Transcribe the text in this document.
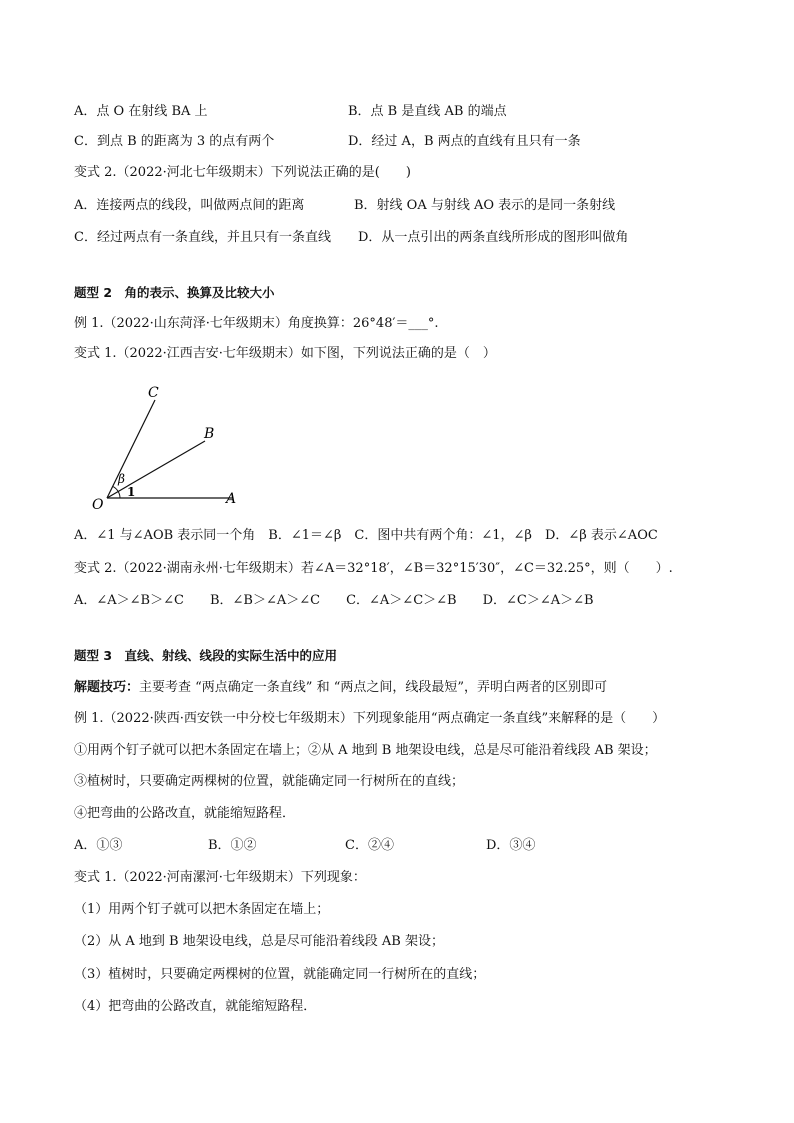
A．点 O 在射线 BA 上	B．点 B 是直线 AB 的端点
C．到点 B 的距离为 3 的点有两个	D．经过 A，B 两点的直线有且只有一条
变式 2.（2022·河北七年级期末）下列说法正确的是(　　)
A．连接两点的线段，叫做两点间的距离	B．射线 OA 与射线 AO 表示的是同一条射线
C．经过两点有一条直线，并且只有一条直线 D．从一点引出的两条直线所形成的图形叫做角
题型 2　角的表示、换算及比较大小
例 1.（2022·山东菏泽·七年级期末）角度换算：26°48′＝___°.
变式 1.（2022·江西吉安·七年级期末）如下图，下列说法正确的是（　）
C
B
O	A
β
1
A．∠1 与∠AOB 表示同一个角　B．∠1＝∠β　C．图中共有两个角：∠1，∠β　D．∠β 表示∠AOC
变式 2.（2022·湖南永州·七年级期末）若∠A＝32°18′，∠B＝32°15′30″，∠C＝32.25°，则（　　）.
A．∠A＞∠B＞∠C　　B．∠B＞∠A＞∠C　　C．∠A＞∠C＞∠B　　D．∠C＞∠A＞∠B
题型 3　直线、射线、线段的实际生活中的应用
解题技巧：主要考查 “两点确定一条直线” 和 “两点之间，线段最短”，弄明白两者的区别即可
例 1.（2022·陕西·西安铁一中分校七年级期末）下列现象能用“两点确定一条直线”来解释的是（　　）
①用两个钉子就可以把木条固定在墙上；②从 A 地到 B 地架设电线，总是尽可能沿着线段 AB 架设；
③植树时，只要确定两棵树的位置，就能确定同一行树所在的直线；
④把弯曲的公路改直，就能缩短路程．
A．①③	B．①②	C．②④	D．③④
变式 1.（2022·河南漯河·七年级期末）下列现象：
（1）用两个钉子就可以把木条固定在墙上；
（2）从 A 地到 B 地架设电线，总是尽可能沿着线段 AB 架设；
（3）植树时，只要确定两棵树的位置，就能确定同一行树所在的直线；
（4）把弯曲的公路改直，就能缩短路程．
